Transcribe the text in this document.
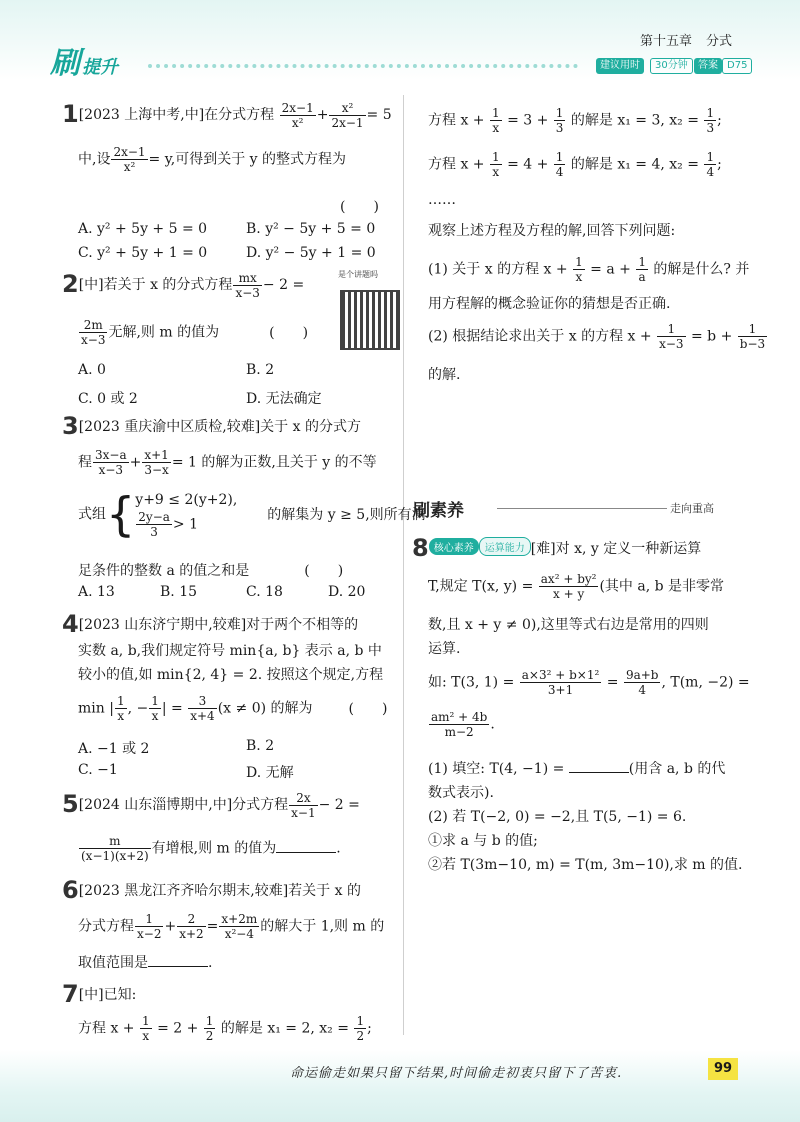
刷提升
第十五章 分式
建议用时	30分钟	答案 D75
1[2023 上海中考,中]在分式方程 $\frac{2x-1}{\text{x²}} + \frac{\text{x²}}{2x-1} = 5$
中,设 $\frac{2x-1}{\text{x²}} = y$,可得到关于 y 的整式方程为
(　　)
A. y² + 5y + 5 = 0	B. y² − 5y + 5 = 0
C. y² + 5y + 1 = 0	D. y² − 5y + 1 = 0
2[中]若关于 x 的分式方程 $\frac{mx}{x-3} - 2$ =
$\frac{2m}{x-3}$ 无解,则 m 的值为	(　　)
是个讲题吗
A. 0	B. 2
C. 0 或 2	D. 无法确定
3[2023 重庆渝中区质检,较难]关于 x 的分式方
程 $\frac{3x-a}{x-3} + \frac{x+1}{3-x} = 1$ 的解为正数,且关于 y 的不等
式组{ y+9 ≤ 2(y+2),
$\frac{2y-a}{3} > 1$
的解集为 y ≥ 5,则所有满
足条件的整数 a 的值之和是	(　　)
A. 13	B. 15	C. 18	D. 20
4[2023 山东济宁期中,较难]对于两个不相等的
实数 a, b,我们规定符号 min{a, b} 表示 a, b 中
较小的值,如 min{2, 4} = 2. 按照这个规定,方程
min | $\frac{1}{x}$ , − $\frac{1}{x}$ | = $\frac{3}{x+4} (x \ne 0)$ 的解为	(　　)
A. −1 或 2	B. 2
C. −1	D. 无解
5[2024 山东淄博期中,中]分式方程 $\frac{2x}{x-1} - 2$ =
$\frac{m}{(x-1)(x+2)}$ 有增根,则 m 的值为	.
6[2023 黑龙江齐齐哈尔期末,较难]若关于 x 的
分式方程 $\frac{1}{x-2} + \frac{2}{x+2} = \frac{x+2m}{\text{x²−4}}$ 的解大于 1,则 m 的
取值范围是	.
7[中]已知:
方程 $x + \frac{1}{x} = 2 + \frac{1}{2}$ 的解是 x₁ = 2, $x_2 = \frac{1}{2}$ ;
方程 $x + \frac{1}{x} = 3 + \frac{1}{3}$ 的解是 x₁ = 3, $x_2 = \frac{1}{3}$ ;
方程 $x + \frac{1}{x} = 4 + \frac{1}{4}$ 的解是 x₁ = 4, $x_2 = \frac{1}{4}$ ;
……
观察上述方程及方程的解,回答下列问题:
(1) 关于 x 的方程 $x + \frac{1}{x} = a + \frac{1}{a}$ 的解是什么? 并
用方程解的概念验证你的猜想是否正确.
(2) 根据结论求出关于 x 的方程 $x + \frac{1}{x-3} = b + \frac{1}{b-3}$
的解.
刷素养	走向重高
8 核心素养 运算能力 [难]对 x, y 定义一种新运算
T,规定 T(x, $y) = \frac{\text{ax² + by²}}{x + y}$ (其中 a, b 是非零常
数,且 x + y ≠ 0),这里等式右边是常用的四则
运算.
如: T(3, $1) = \frac{\text{a×3² + b×1²}}{3+1} = \frac{9a+b}{4}$ , T(m, −2) =
$\frac{\text{am² + 4b}}{m-2}$ .
(1) 填空: T(4, −1) =	(用含 a, b 的代
数式表示).
(2) 若 T(−2, 0) = −2,且 T(5, −1) = 6.
①求 a 与 b 的值;
②若 T(3m−10, m) = T(m, 3m−10),求 m 的值.
命运偷走如果只留下结果,时间偷走初衷只留下了苦衷.	99
